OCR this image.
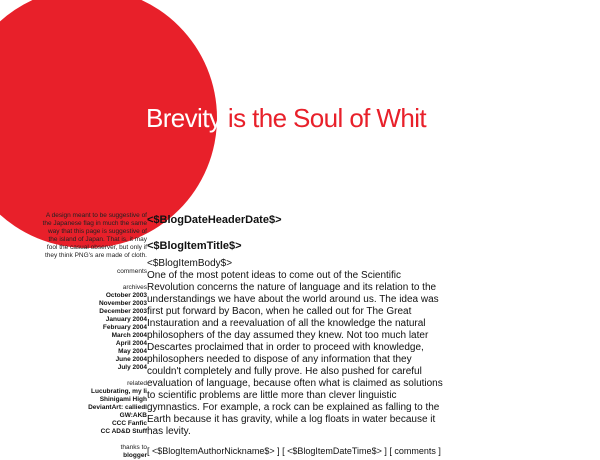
Brevity is the Soul of Whit

A design meant to be suggestive of the Japanese flag in much the same way that this page is suggestive of the island of Japan. That is, it may fool the casual observer, but only if they think PNG's are made of cloth.

comments

archives

October 2003
November 2003
December 2003
January 2004
February 2004
March 2004
April 2004
May 2004
June 2004
July 2004

related

Lucubrating, my li
Shinigami High
DeviantArt: calliedl
GW:AKB
CCC Fanfic
CC AD&D Stuff

thanks to

blogger
<$BlogDateHeaderDate$>
<$BlogItemTitle$>
<$BlogItemBody$>

One of the most potent ideas to come out of the Scientific Revolution concerns the nature of language and its relation to the understandings we have about the world around us. The idea was first put forward by Bacon, when he called out for The Great Instauration and a reevaluation of all the knowledge the natural philosophers of the day assumed they knew. Not too much later Descartes proclaimed that in order to proceed with knowledge, philosophers needed to dispose of any information that they couldn't completely and fully prove. He also pushed for careful evaluation of language, because often what is claimed as solutions to scientific problems are little more than clever linguistic gymnastics. For example, a rock can be explained as falling to the Earth because it has gravity, while a log floats in water because it has levity.

[ <$BlogItemAuthorNickname$> ] [ <$BlogItemDateTime$> ] [ comments ]
